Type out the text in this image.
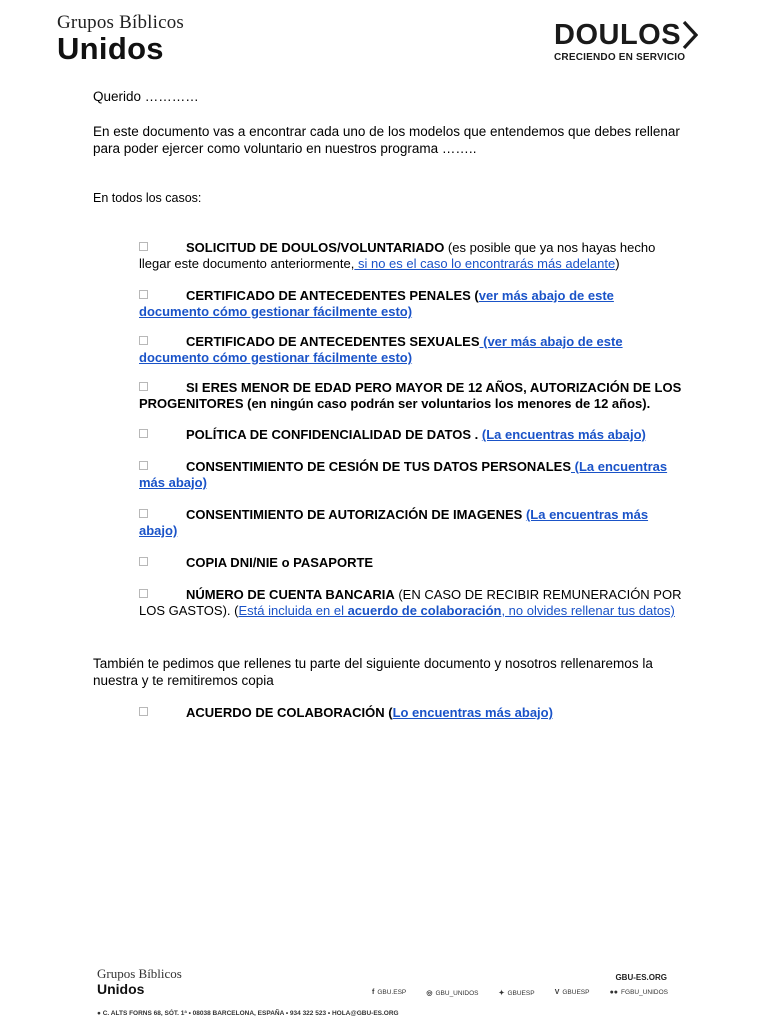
Grupos Bíblicos
Unidos	DOULOS
CRECIENDO EN SERVICIO

Querido …………

En este documento vas a encontrar cada uno de los modelos que entendemos que debes rellenar para poder ejercer como voluntario en nuestros programa ……..

En todos los casos:

SOLICITUD DE DOULOS/VOLUNTARIADO (es posible que ya nos hayas hecho llegar este documento anteriormente, si no es el caso lo encontrarás más adelante)

CERTIFICADO DE ANTECEDENTES PENALES (ver más abajo de este documento cómo gestionar fácilmente esto)

CERTIFICADO DE ANTECEDENTES SEXUALES (ver más abajo de este documento cómo gestionar fácilmente esto)

SI ERES MENOR DE EDAD PERO MAYOR DE 12 AÑOS, AUTORIZACIÓN DE LOS PROGENITORES (en ningún caso podrán ser voluntarios los menores de 12 años).

POLÍTICA DE CONFIDENCIALIDAD DE DATOS . (La encuentras más abajo)

CONSENTIMIENTO DE CESIÓN DE TUS DATOS PERSONALES (La encuentras más abajo)

CONSENTIMIENTO DE AUTORIZACIÓN DE IMAGENES (La encuentras más abajo)

COPIA DNI/NIE o PASAPORTE

NÚMERO DE CUENTA BANCARIA (EN CASO DE RECIBIR REMUNERACIÓN POR LOS GASTOS). (Está incluida en el acuerdo de colaboración, no olvides rellenar tus datos)

También te pedimos que rellenes tu parte del siguiente documento y nosotros rellenaremos la nuestra y te remitiremos copia

ACUERDO DE COLABORACIÓN (Lo encuentras más abajo)

Grupos Bíblicos
Unidos
GBU-ES.ORG
f GBU.ESP	◎ GBU_UNIDOS	✦ GBUESP	V GBUESP	●● FGBU_UNIDOS
● C. ALTS FORNS 68, SÓT. 1ª • 08038 BARCELONA, ESPAÑA • 934 322 523 • HOLA@GBU-ES.ORG
